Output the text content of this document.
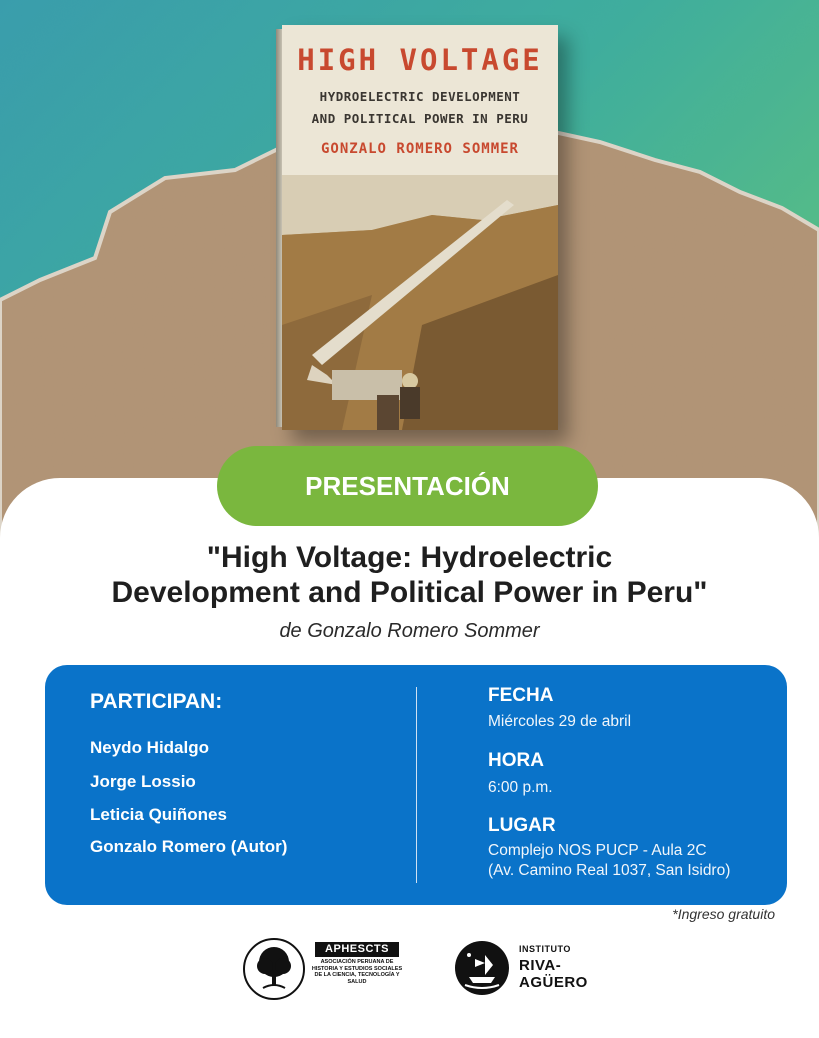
HIGH VOLTAGE
HYDROELECTRIC DEVELOPMENT
AND POLITICAL POWER IN PERU
GONZALO ROMERO SOMMER
PRESENTACIÓN
"High Voltage: Hydroelectric
Development and Political Power in Peru"
de Gonzalo Romero Sommer
PARTICIPAN:
Neydo Hidalgo
Jorge Lossio
Leticia Quiñones
Gonzalo Romero (Autor)
FECHA
Miércoles 29 de abril
HORA
6:00 p.m.
LUGAR
Complejo NOS PUCP - Aula 2C
(Av. Camino Real 1037, San Isidro)
*Ingreso gratuito
APHESCTS
ASOCIACIÓN PERUANA DE HISTORIA Y ESTUDIOS SOCIALES DE LA CIENCIA, TECNOLOGÍA Y SALUD
INSTITUTO
RIVA-
AGÜERO
